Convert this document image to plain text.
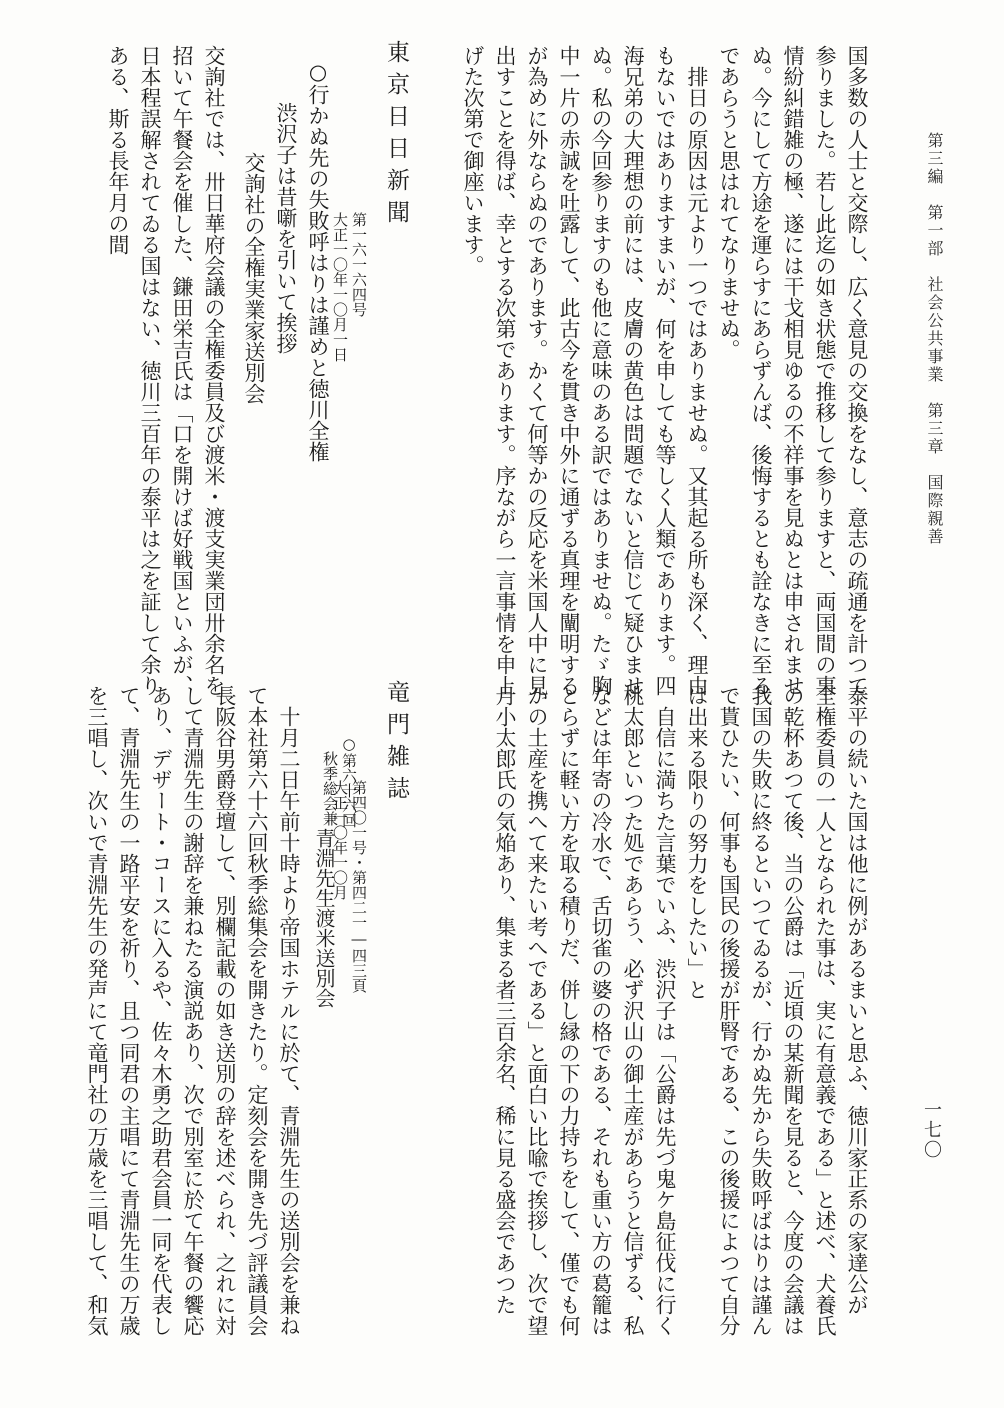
第三編　第一部　社会公共事業　第三章　国際親善
一七〇
国多数の人士と交際し、広く意見の交換をなし、意志の疏通を計つて
参りました。若し此迄の如き状態で推移して参りますと、両国間の事
情紛糾錯雑の極、遂には干戈相見ゆるの不祥事を見ぬとは申されませ
ぬ。今にして方途を運らすにあらずんば、後悔するとも詮なきに至る
であらうと思はれてなりませぬ。
　排日の原因は元より一つではありませぬ。又其起る所も深く、理由
もないではありますまいが、何を申しても等しく人類であります。四
海兄弟の大理想の前には、皮膚の黄色は問題でないと信じて疑ひませ
ぬ。私の今回参りますのも他に意味のある訳ではありませぬ。たゞ胸
中一片の赤誠を吐露して、此古今を貫き中外に通ずる真理を闡明する
が為めに外ならぬのであります。かくて何等かの反応を米国人中に見
出すことを得ば、幸とする次第であります。序ながら一言事情を申上
げた次第で御座います。
東京日日新聞
第一六一六四号
大正一〇年一〇月一日
○行かぬ先の失敗呼はりは謹めと徳川全権
渋沢子は昔噺を引いて挨拶
交詢社の全権実業家送別会
交詢社では、卅日華府会議の全権委員及び渡米・渡支実業団卅余名を
招いて午餐会を催した、鎌田栄吉氏は「口を開けば好戦国といふが、
日本程誤解されてゐる国はない、徳川三百年の泰平は之を証して余り
ある、斯る長年月の間
泰平の続いた国は他に例があるまいと思ふ、徳川家正系の家達公が
全権委員の一人となられた事は、実に有意義である」と述べ、犬養氏
の乾杯あつて後、当の公爵は「近頃の某新聞を見ると、今度の会議は
我国の失敗に終るといつてゐるが、行かぬ先から失敗呼ばはりは謹ん
で貰ひたい、何事も国民の後援が肝腎である、この後援によつて自分
は出来る限りの努力をしたい」と
　自信に満ちた言葉でいふ、渋沢子は「公爵は先づ鬼ケ島征伐に行く
桃太郎といつた処であらう、必ず沢山の御土産があらうと信ずる、私
などは年寄の冷水で、舌切雀の婆の格である、それも重い方の葛籠は
とらずに軽い方を取る積りだ、併し縁の下の力持ちをして、僅でも何
かの土産を携へて来たい考へである」と面白い比喩で挨拶し、次で望
月小太郎氏の気焔あり、集まる者三百余名、稀に見る盛会であつた
竜門雑誌
第四〇一号・第四二一―四三頁
大正一〇年一〇月
○第六十六回
秋季総会兼
青淵先生渡米送別会
　十月二日午前十時より帝国ホテルに於て、青淵先生の送別会を兼ね
て本社第六十六回秋季総集会を開きたり。定刻会を開き先づ評議員会
長阪谷男爵登壇して、別欄記載の如き送別の辞を述べられ、之れに対
して青淵先生の謝辞を兼ねたる演説あり、次で別室に於て午餐の饗応
あり、デザート・コースに入るや、佐々木勇之助君会員一同を代表し
て、青淵先生の一路平安を祈り、且つ同君の主唱にて青淵先生の万歳
を三唱し、次いで青淵先生の発声にて竜門社の万歳を三唱して、和気
